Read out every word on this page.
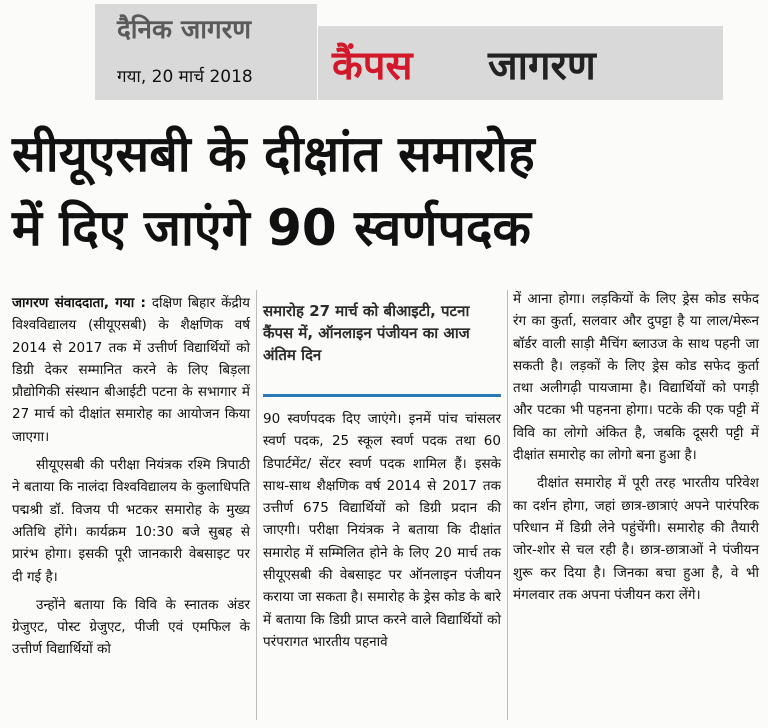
दैनिक जागरण
गया, 20 मार्च 2018 कैंपस जागरण
सीयूएसबी के दीक्षांत समारोह
में दिए जाएंगे 90 स्वर्णपदक

जागरण संवाददाता, गया : दक्षिण बिहार केंद्रीय विश्वविद्यालय (सीयूएसबी) के शैक्षणिक वर्ष 2014 से 2017 तक में उत्तीर्ण विद्यार्थियों को डिग्री देकर सम्मानित करने के लिए बिड़ला प्रौद्योगिकी संस्थान बीआईटी पटना के सभागार में 27 मार्च को दीक्षांत समारोह का आयोजन किया जाएगा।

सीयूएसबी की परीक्षा नियंत्रक रश्मि त्रिपाठी ने बताया कि नालंदा विश्वविद्यालय के कुलाधिपति पद्मश्री डॉ. विजय पी भटकर समारोह के मुख्य अतिथि होंगे। कार्यक्रम 10:30 बजे सुबह से प्रारंभ होगा। इसकी पूरी जानकारी वेबसाइट पर दी गई है।

उन्होंने बताया कि विवि के स्नातक अंडर ग्रेजुएट, पोस्ट ग्रेजुएट, पीजी एवं एमफिल के उत्तीर्ण विद्यार्थियों को

समारोह 27 मार्च को बीआइटी, पटना कैंपस में, ऑनलाइन पंजीयन का आज अंतिम दिन

90 स्वर्णपदक दिए जाएंगे। इनमें पांच चांसलर स्वर्ण पदक, 25 स्कूल स्वर्ण पदक तथा 60 डिपार्टमेंट/ सेंटर स्वर्ण पदक शामिल हैं। इसके साथ-साथ शैक्षणिक वर्ष 2014 से 2017 तक उत्तीर्ण 675 विद्यार्थियों को डिग्री प्रदान की जाएगी। परीक्षा नियंत्रक ने बताया कि दीक्षांत समारोह में सम्मिलित होने के लिए 20 मार्च तक सीयूएसबी की वेबसाइट पर ऑनलाइन पंजीयन कराया जा सकता है। समारोह के ड्रेस कोड के बारे में बताया कि डिग्री प्राप्त करने वाले विद्यार्थियों को परंपरागत भारतीय पहनावे

में आना होगा। लड़कियों के लिए ड्रेस कोड सफेद रंग का कुर्ता, सलवार और दुपट्टा है या लाल/मेरून बॉर्डर वाली साड़ी मैचिंग ब्लाउज के साथ पहनी जा सकती है। लड़कों के लिए ड्रेस कोड सफेद कुर्ता तथा अलीगढ़ी पायजामा है। विद्यार्थियों को पगड़ी और पटका भी पहनना होगा। पटके की एक पट्टी में विवि का लोगो अंकित है, जबकि दूसरी पट्टी में दीक्षांत समारोह का लोगो बना हुआ है।

दीक्षांत समारोह में पूरी तरह भारतीय परिवेश का दर्शन होगा, जहां छात्र-छात्राएं अपने पारंपरिक परिधान में डिग्री लेने पहुंचेंगी। समारोह की तैयारी जोर-शोर से चल रही है। छात्र-छात्राओं ने पंजीयन शुरू कर दिया है। जिनका बचा हुआ है, वे भी मंगलवार तक अपना पंजीयन करा लेंगे।
